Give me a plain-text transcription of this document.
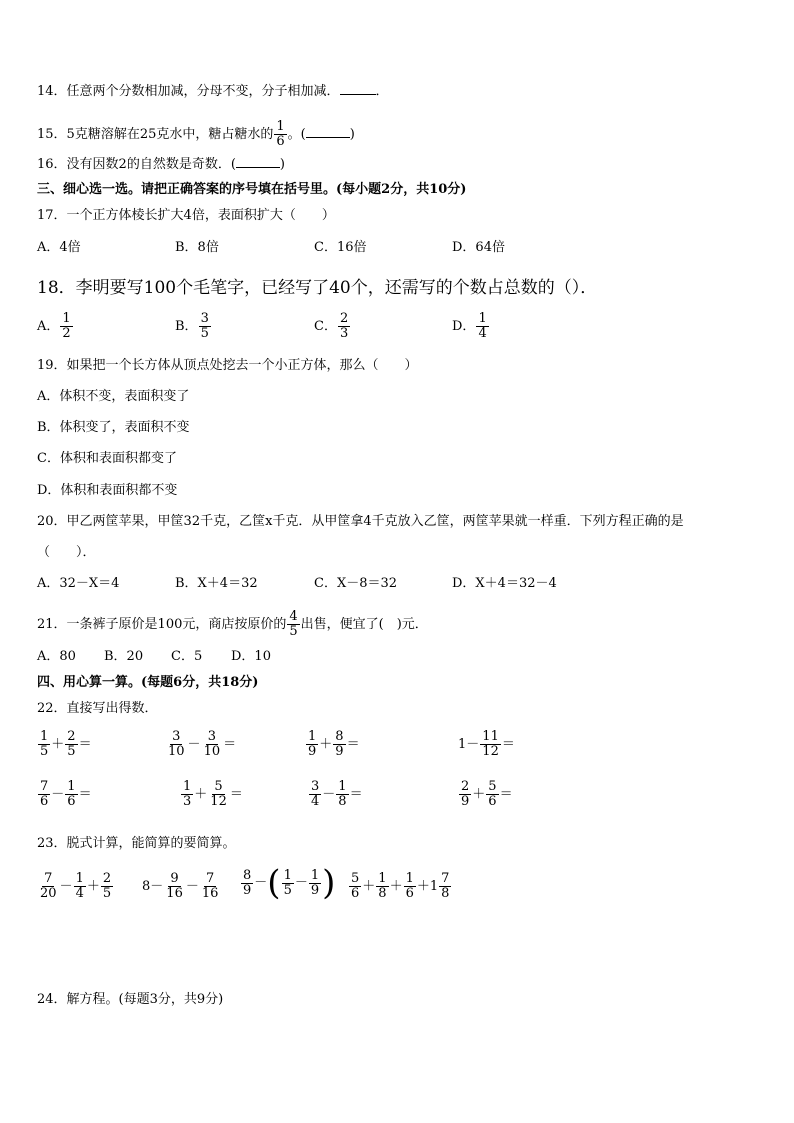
14．任意两个分数相加减，分母不变，分子相加减．	．
15．5克糖溶解在25克水中，糖占糖水的 $\frac{1}{6}$ 。(	)
16．没有因数2的自然数是奇数．(	)
三、细心选一选。请把正确答案的序号填在括号里。(每小题2分，共10分)
17．一个正方体棱长扩大4倍，表面积扩大（　　）
A．4倍	B．8倍	C．16倍	D．64倍
18．李明要写100个毛笔字，已经写了40个，还需写的个数占总数的（）．
A． $\frac{1}{2}$	B． $\frac{3}{5}$	C． $\frac{2}{3}$	D． $\frac{1}{4}$
19．如果把一个长方体从顶点处挖去一个小正方体，那么（　　）
A．体积不变，表面积变了
B．体积变了，表面积不变
C．体积和表面积都变了
D．体积和表面积都不变
20．甲乙两筐苹果，甲筐32千克，乙筐x千克．从甲筐拿4千克放入乙筐，两筐苹果就一样重．下列方程正确的是
（　　）．
A．32－X＝4	B．X＋4＝32	C．X－8＝32	D．X＋4＝32－4
21．一条裤子原价是100元，商店按原价的 $\frac{4}{5}$ 出售，便宜了(　)元．
A．80 B．20 C．5 D．10
四、用心算一算。(每题6分，共18分)
22．直接写出得数．
$\frac{1}{5} + \frac{2}{5}$ ＝	$\frac{3}{10} - \frac{3}{10}$ ＝	$\frac{1}{9} + \frac{8}{9}$ ＝	$1- \frac{11}{12}$ ＝
$\frac{7}{6} - \frac{1}{6}$ ＝	$\frac{1}{3} + \frac{5}{12}$ ＝	$\frac{3}{4} - \frac{1}{8}$ ＝	$\frac{2}{9} + \frac{5}{6}$ ＝
23．脱式计算，能简算的要简算。
$\frac{7}{20} - \frac{1}{4} + \frac{2}{5} 8- \frac{9}{16} - \frac{7}{16} \frac{8}{9}$ －( $\frac{1}{5} - \frac{1}{9}$ ) $\frac{5}{6} + \frac{1}{8} + \frac{1}{6} + 1 \frac{7}{8}$
24．解方程。(每题3分，共9分)
